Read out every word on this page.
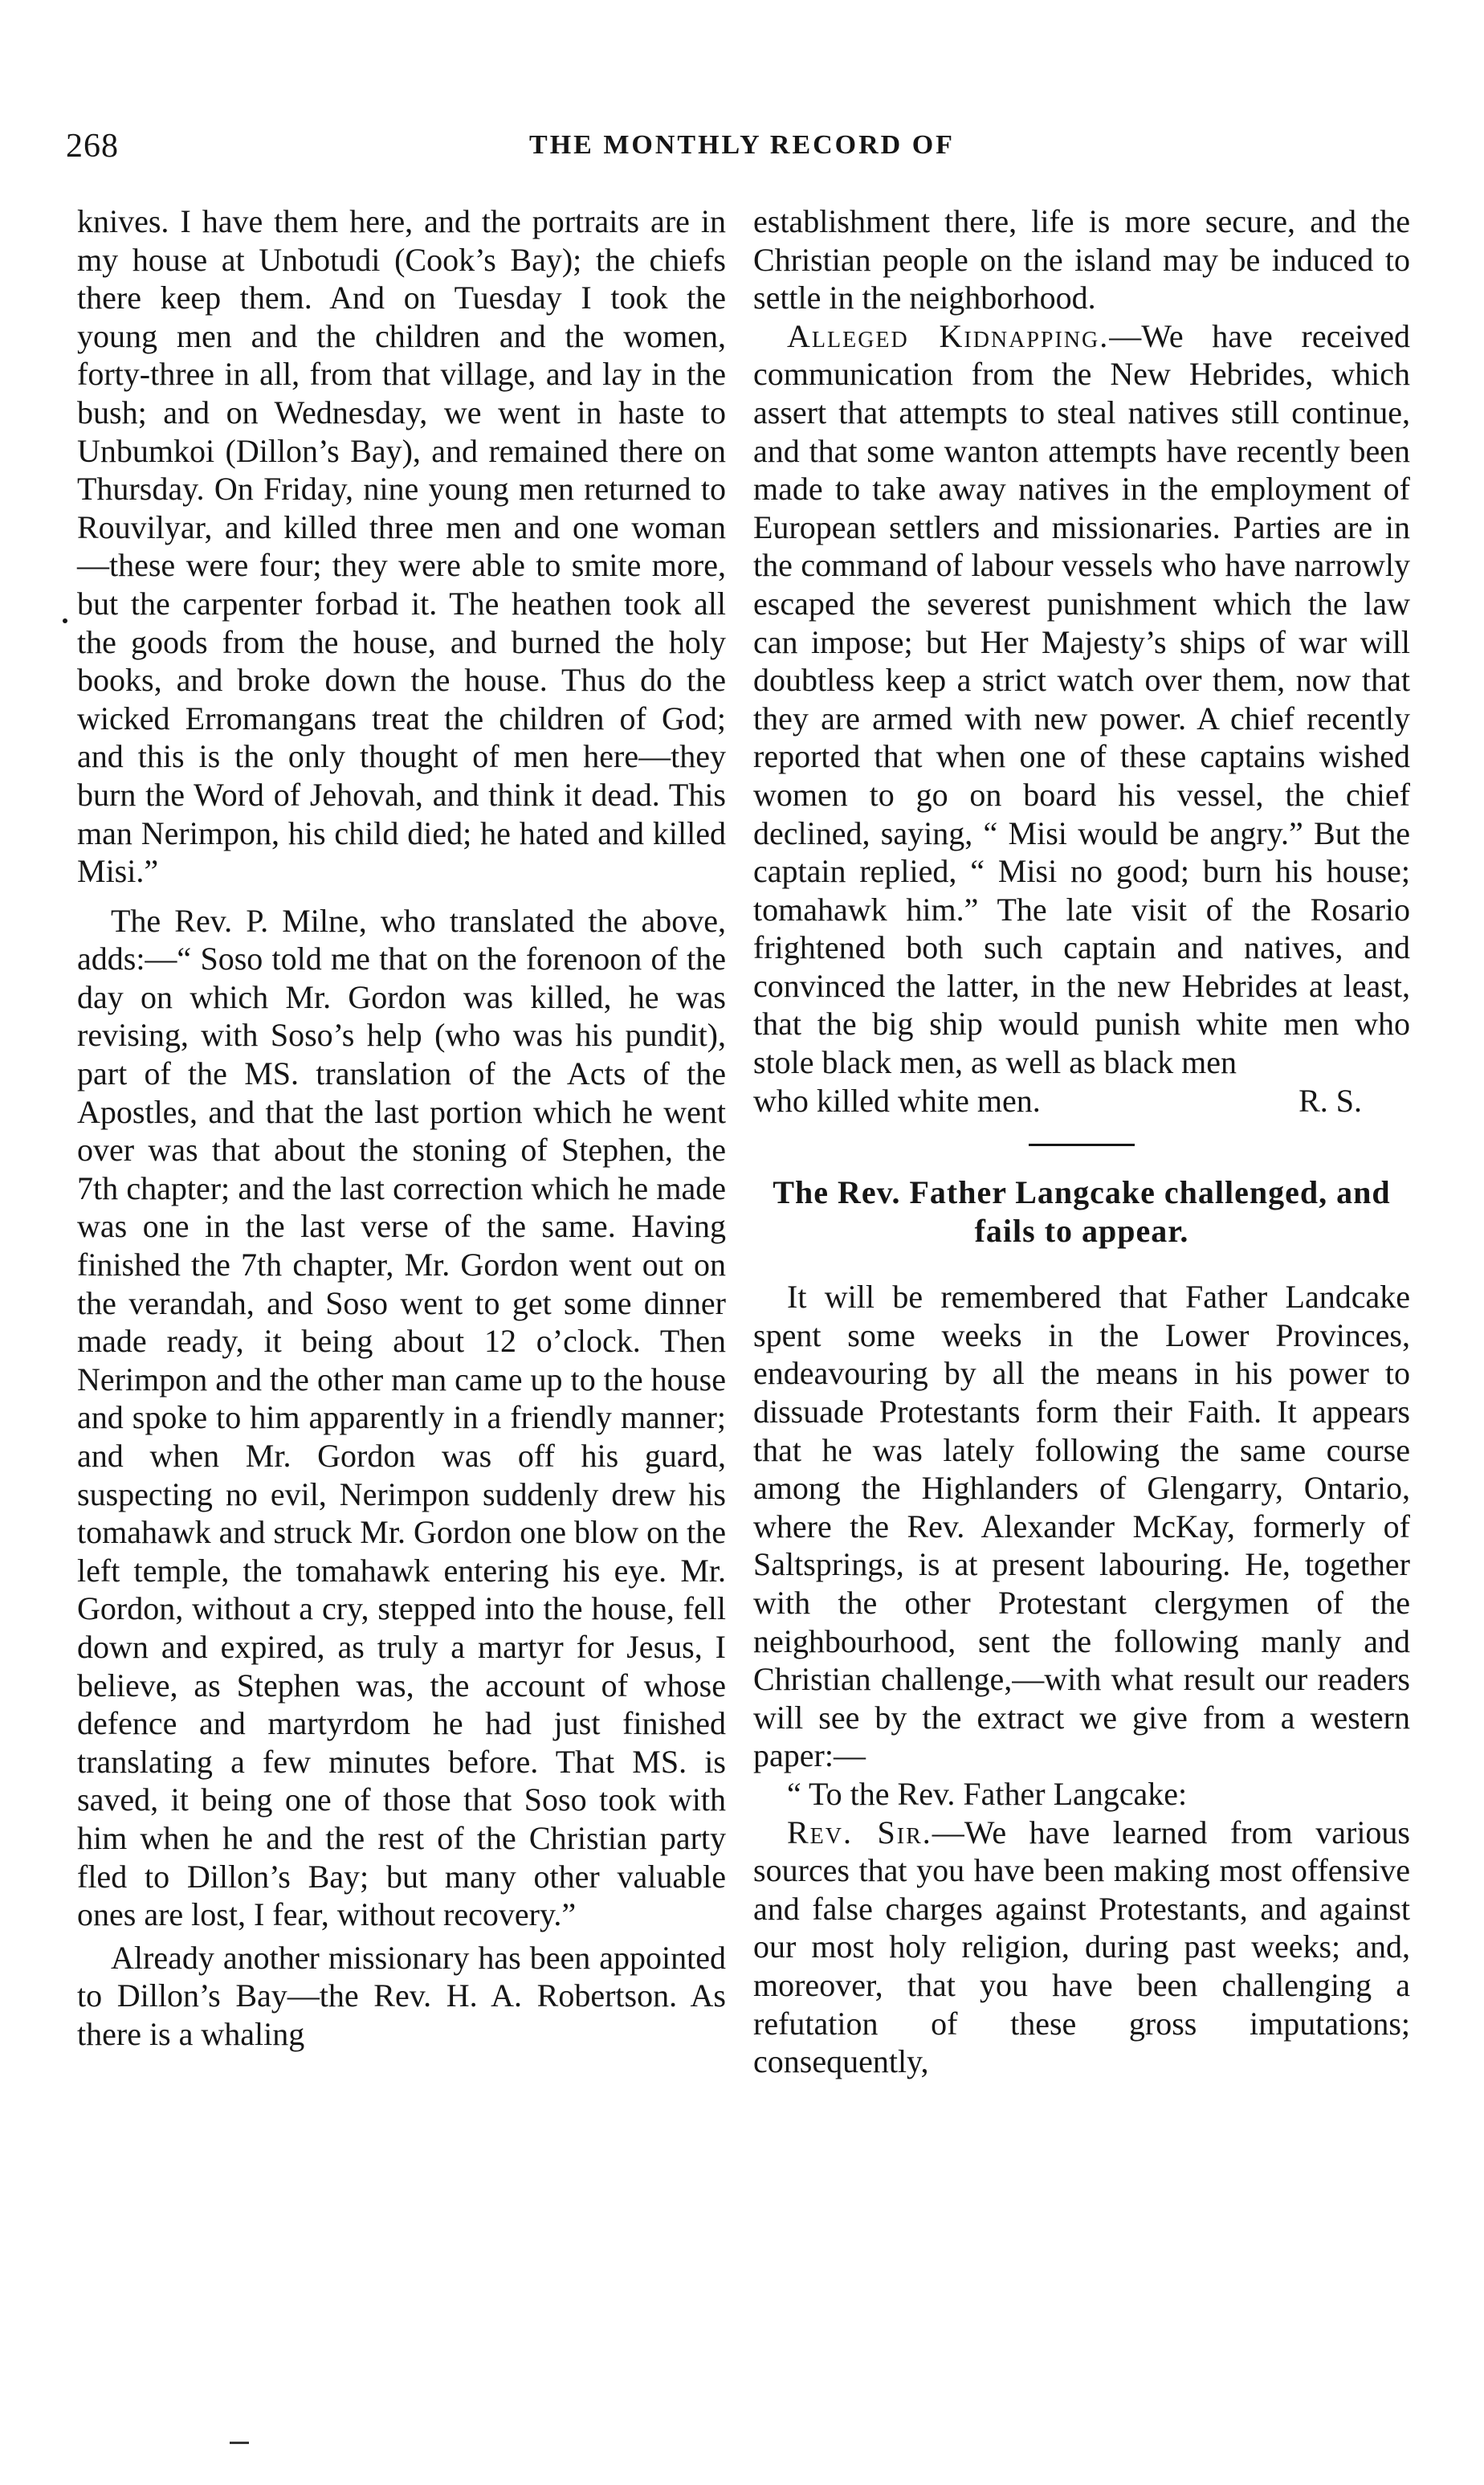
268	THE MONTHLY RECORD OF

knives. I have them here, and the portraits are in my house at Unbotudi (Cook’s Bay); the chiefs there keep them. And on Tuesday I took the young men and the children and the women, forty-three in all, from that village, and lay in the bush; and on Wednesday, we went in haste to Unbumkoi (Dillon’s Bay), and remained there on Thursday. On Friday, nine young men returned to Rouvilyar, and killed three men and one woman—these were four; they were able to smite more, but the carpenter forbad it. The heathen took all the goods from the house, and burned the holy books, and broke down the house. Thus do the wicked Erromangans treat the children of God; and this is the only thought of men here—they burn the Word of Jehovah, and think it dead. This man Nerimpon, his child died; he hated and killed Misi.”

The Rev. P. Milne, who translated the above, adds:—“ Soso told me that on the forenoon of the day on which Mr. Gordon was killed, he was revising, with Soso’s help (who was his pundit), part of the MS. translation of the Acts of the Apostles, and that the last portion which he went over was that about the stoning of Stephen, the 7th chapter; and the last correction which he made was one in the last verse of the same. Having finished the 7th chapter, Mr. Gordon went out on the verandah, and Soso went to get some dinner made ready, it being about 12 o’clock. Then Nerimpon and the other man came up to the house and spoke to him apparently in a friendly manner; and when Mr. Gordon was off his guard, suspecting no evil, Nerimpon suddenly drew his tomahawk and struck Mr. Gordon one blow on the left temple, the tomahawk entering his eye. Mr. Gordon, without a cry, stepped into the house, fell down and expired, as truly a martyr for Jesus, I believe, as Stephen was, the account of whose defence and martyrdom he had just finished translating a few minutes before. That MS. is saved, it being one of those that Soso took with him when he and the rest of the Christian party fled to Dillon’s Bay; but many other valuable ones are lost, I fear, without recovery.”

Already another missionary has been appointed to Dillon’s Bay—the Rev. H. A. Robertson. As there is a whaling

establishment there, life is more secure, and the Christian people on the island may be induced to settle in the neighborhood.

Alleged Kidnapping.—We have received communication from the New Hebrides, which assert that attempts to steal natives still continue, and that some wanton attempts have recently been made to take away natives in the employment of European settlers and missionaries. Parties are in the command of labour vessels who have narrowly escaped the severest punishment which the law can impose; but Her Majesty’s ships of war will doubtless keep a strict watch over them, now that they are armed with new power. A chief recently reported that when one of these captains wished women to go on board his vessel, the chief declined, saying, “ Misi would be angry.” But the captain replied, “ Misi no good; burn his house; tomahawk him.” The late visit of the Rosario frightened both such captain and natives, and convinced the latter, in the new Hebrides at least, that the big ship would punish white men who stole black men, as well as black men

who killed white men.	R. S.
The Rev. Father Langcake challenged, and fails to appear.

It will be remembered that Father Landcake spent some weeks in the Lower Provinces, endeavouring by all the means in his power to dissuade Protestants form their Faith. It appears that he was lately following the same course among the Highlanders of Glengarry, Ontario, where the Rev. Alexander McKay, formerly of Saltsprings, is at present labouring. He, together with the other Protestant clergymen of the neighbourhood, sent the following manly and Christian challenge,—with what result our readers will see by the extract we give from a western paper:—

“ To the Rev. Father Langcake:

Rev. Sir.—We have learned from various sources that you have been making most offensive and false charges against Protestants, and against our most holy religion, during past weeks; and, moreover, that you have been challenging a refutation of these gross imputations; consequently,
